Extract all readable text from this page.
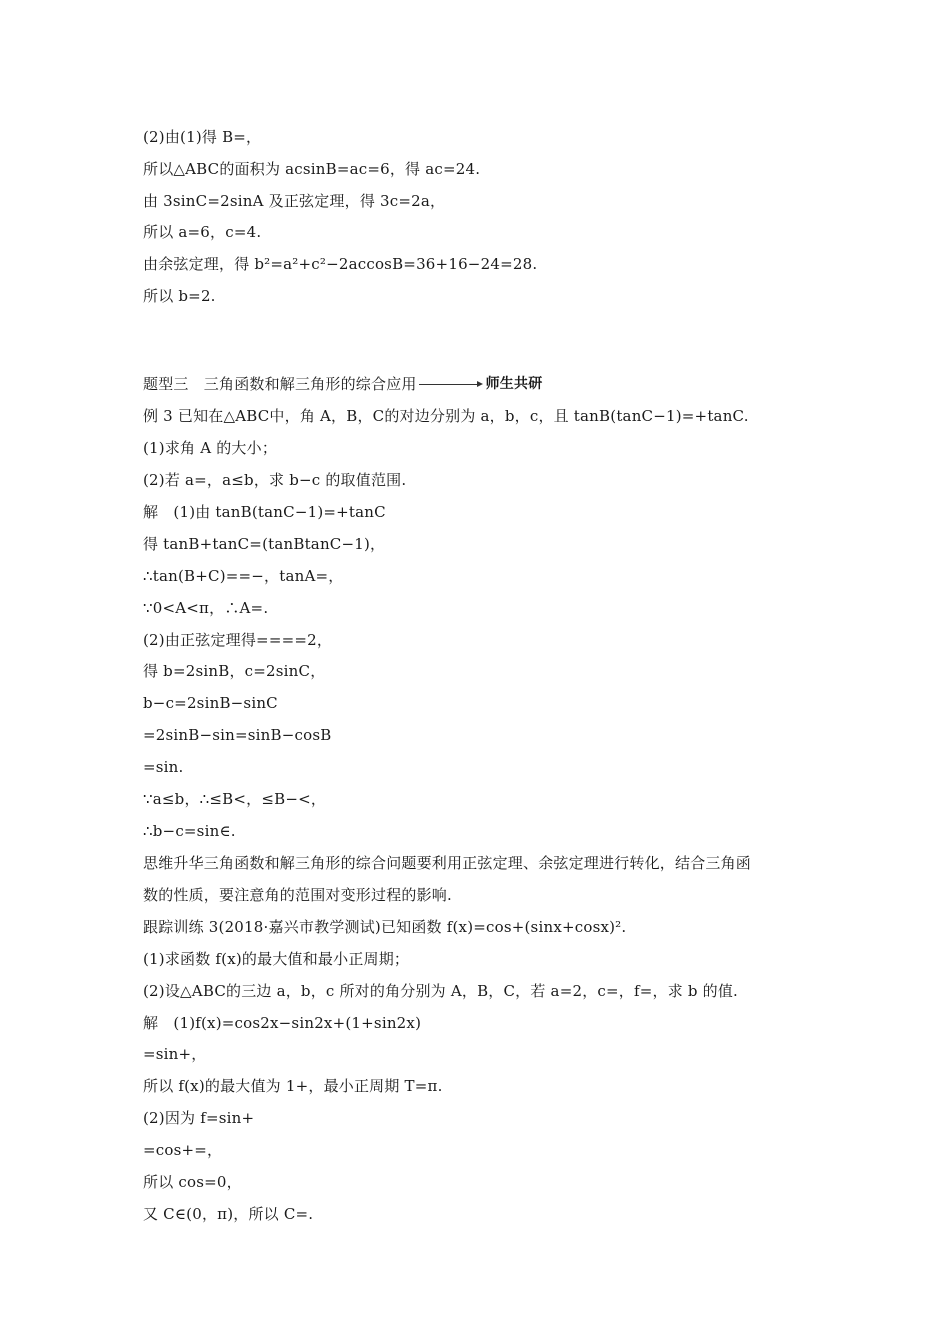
(2)由(1)得 B=，
所以△ABC的面积为 acsinB=ac=6，得 ac=24.
由 3sinC=2sinA 及正弦定理，得 3c=2a，
所以 a=6，c=4.
由余弦定理，得 b²=a²+c²−2accosB=36+16−24=28.
所以 b=2.
题型三　三角函数和解三角形的综合应用	师生共研
例 3 已知在△ABC中，角 A，B，C的对边分别为 a，b，c，且 tanB(tanC−1)=+tanC.
(1)求角 A 的大小；
(2)若 a=，a≤b，求 b−c 的取值范围.
解　(1)由 tanB(tanC−1)=+tanC
得 tanB+tanC=(tanBtanC−1)，
∴tan(B+C)==−，tanA=，
∵0<A<π，∴A=.
(2)由正弦定理得====2，
得 b=2sinB，c=2sinC，
b−c=2sinB−sinC
=2sinB−sin=sinB−cosB
=sin.
∵a≤b，∴≤B<，≤B−<，
∴b−c=sin∈.
思维升华三角函数和解三角形的综合问题要利用正弦定理、余弦定理进行转化，结合三角函
数的性质，要注意角的范围对变形过程的影响.
跟踪训练 3(2018·嘉兴市教学测试)已知函数 f(x)=cos+(sinx+cosx)².
(1)求函数 f(x)的最大值和最小正周期；
(2)设△ABC的三边 a，b，c 所对的角分别为 A，B，C，若 a=2，c=，f=，求 b 的值.
解　(1)f(x)=cos2x−sin2x+(1+sin2x)
=sin+，
所以 f(x)的最大值为 1+，最小正周期 T=π.
(2)因为 f=sin+
=cos+=，
所以 cos=0，
又 C∈(0，π)，所以 C=.
